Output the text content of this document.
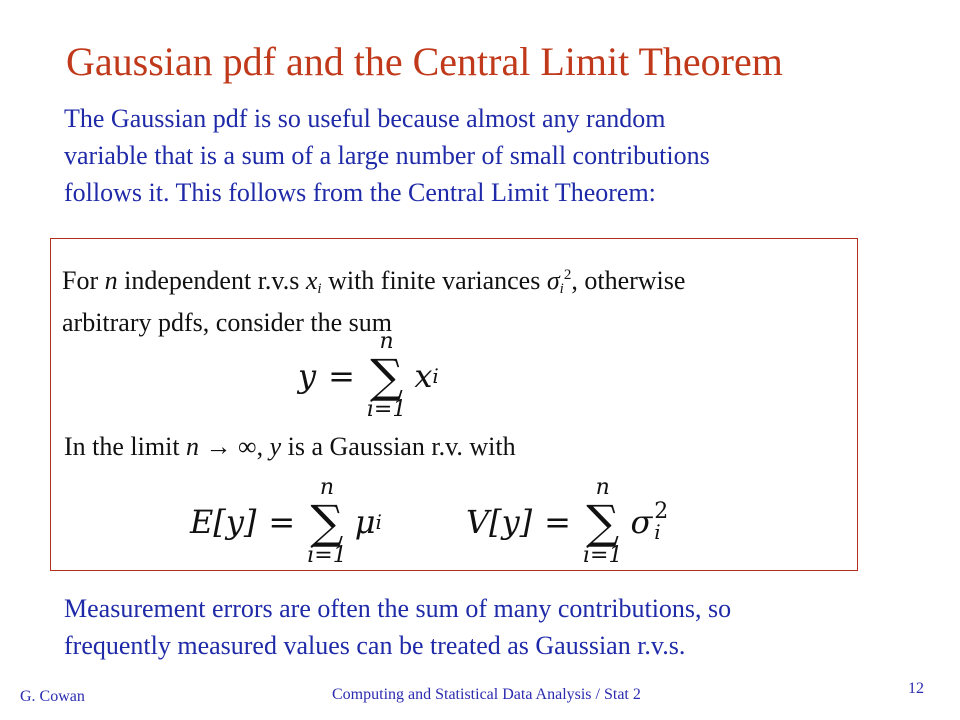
Gaussian pdf and the Central Limit Theorem
The Gaussian pdf is so useful because almost any random
variable that is a sum of a large number of small contributions
follows it. This follows from the Central Limit Theorem:
For n independent r.v.s $x_i$ with finite variances $\sigma_i^2$, otherwise
arbitrary pdfs, consider the sum
y =
n
∑
i=1
x i
In the limit n → ∞, y is a Gaussian r.v. with
E[y] =
n
∑
i=1
μ i	V[y] =
n
∑
i=1
σ 2
i
Measurement errors are often the sum of many contributions, so
frequently measured values can be treated as Gaussian r.v.s.
G. Cowan	Computing and Statistical Data Analysis / Stat 2	12
